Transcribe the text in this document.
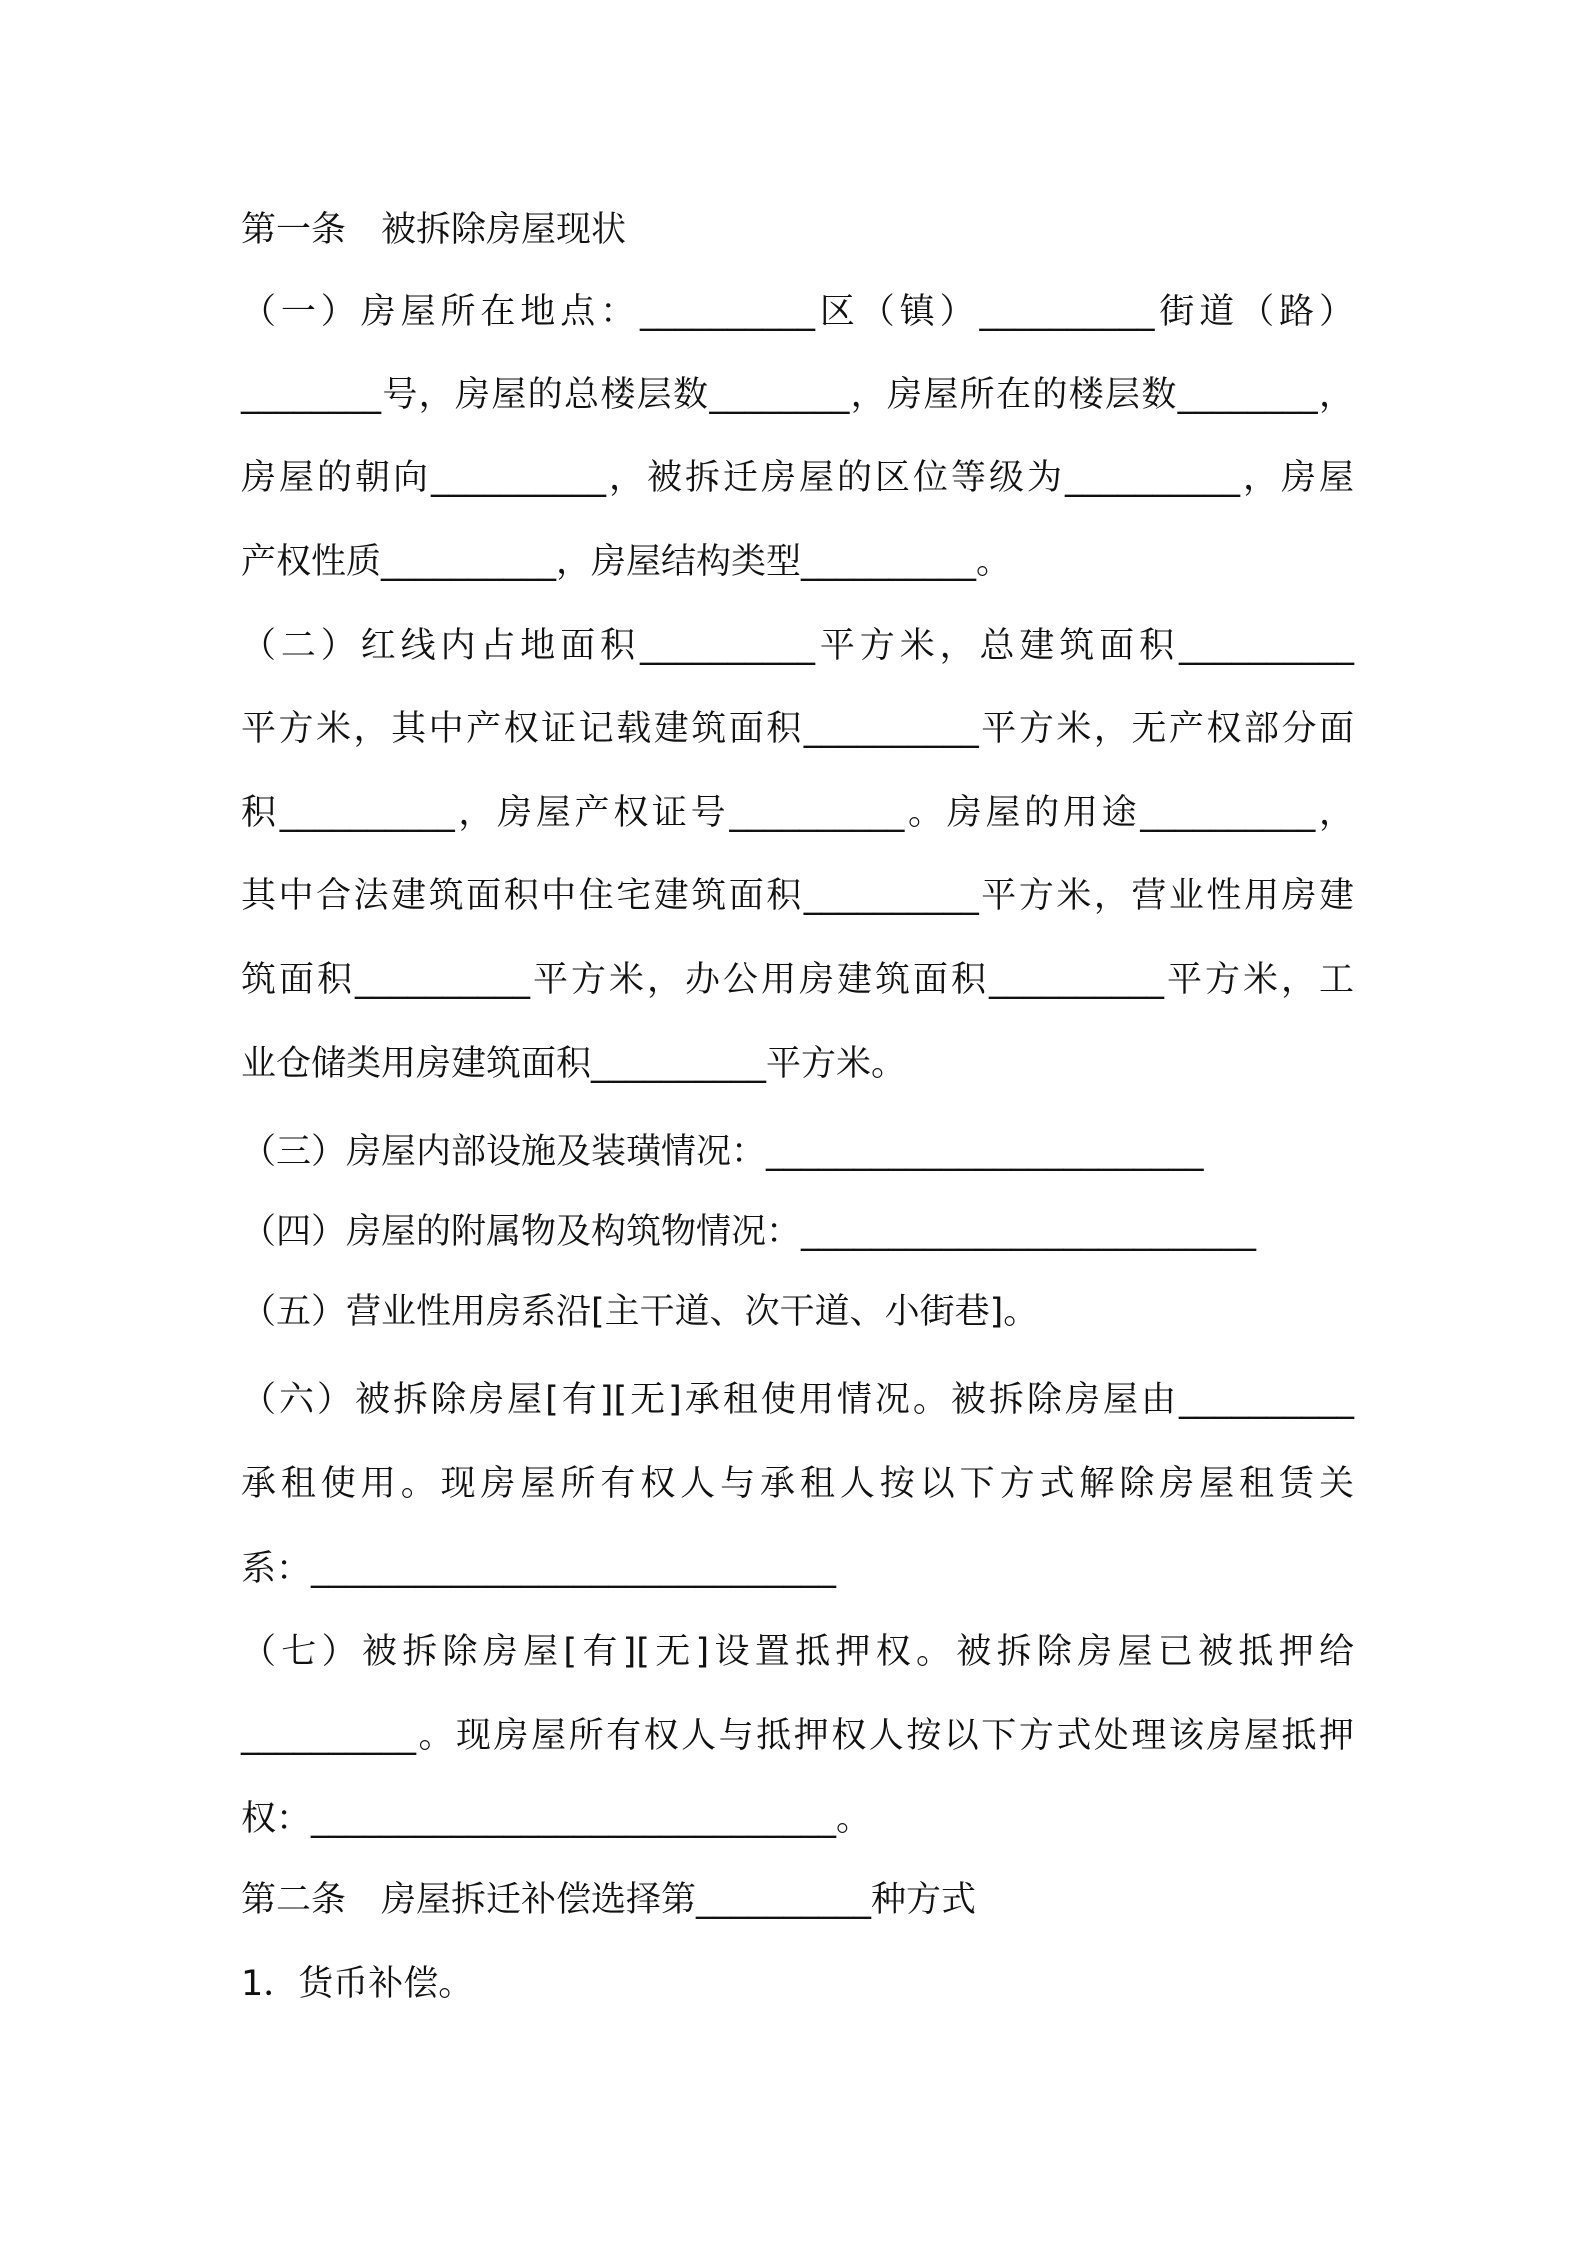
第一条　被拆除房屋现状

（一）房屋所在地点：__________区（镇）__________街道（路）

________号，房屋的总楼层数________，房屋所在的楼层数________，

房屋的朝向__________，被拆迁房屋的区位等级为__________，房屋

产权性质__________，房屋结构类型__________。

（二）红线内占地面积__________平方米，总建筑面积__________

平方米，其中产权证记载建筑面积__________平方米，无产权部分面

积__________，房屋产权证号__________。房屋的用途__________，

其中合法建筑面积中住宅建筑面积__________平方米，营业性用房建

筑面积__________平方米，办公用房建筑面积__________平方米，工

业仓储类用房建筑面积__________平方米。

（三）房屋内部设施及装璜情况：_________________________

（四）房屋的附属物及构筑物情况：__________________________

（五）营业性用房系沿[主干道、次干道、小街巷]。

（六）被拆除房屋[有][无]承租使用情况。被拆除房屋由__________

承租使用。现房屋所有权人与承租人按以下方式解除房屋租赁关

系：______________________________

（七）被拆除房屋[有][无]设置抵押权。被拆除房屋已被抵押给

__________。现房屋所有权人与抵押权人按以下方式处理该房屋抵押

权：______________________________。

第二条　房屋拆迁补偿选择第__________种方式

1．货币补偿。
